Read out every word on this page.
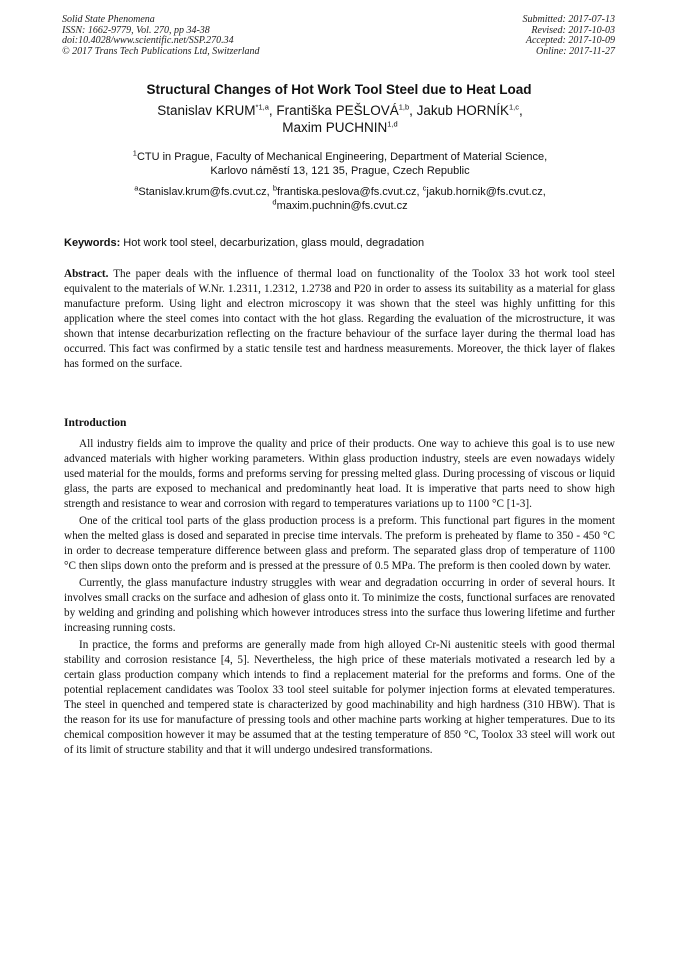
Solid State Phenomena
ISSN: 1662-9779, Vol. 270, pp 34-38
doi:10.4028/www.scientific.net/SSP.270.34
© 2017 Trans Tech Publications Ltd, Switzerland
Submitted: 2017-07-13
Revised: 2017-10-03
Accepted: 2017-10-09
Online: 2017-11-27
Structural Changes of Hot Work Tool Steel due to Heat Load
Stanislav KRUM$^{*1,a}$, Františka PEŠLOVÁ$^{1,b}$, Jakub HORNÍK$^{1,c}$,
Maxim PUCHNIN$^{1,d}$
$^1$CTU in Prague, Faculty of Mechanical Engineering, Department of Material Science,
Karlovo náměstí 13, 121 35, Prague, Czech Republic
$^a$Stanislav.krum@fs.cvut.cz, $^b$frantiska.peslova@fs.cvut.cz, $^c$jakub.hornik@fs.cvut.cz,
$^d$maxim.puchnin@fs.cvut.cz
Keywords: Hot work tool steel, decarburization, glass mould, degradation
Abstract. The paper deals with the influence of thermal load on functionality of the Toolox 33 hot work tool steel equivalent to the materials of W.Nr. 1.2311, 1.2312, 1.2738 and P20 in order to assess its suitability as a material for glass manufacture preform. Using light and electron microscopy it was shown that the steel was highly unfitting for this application where the steel comes into contact with the hot glass. Regarding the evaluation of the microstructure, it was shown that intense decarburization reflecting on the fracture behaviour of the surface layer during the thermal load has occurred. This fact was confirmed by a static tensile test and hardness measurements. Moreover, the thick layer of flakes has formed on the surface.
Introduction

All industry fields aim to improve the quality and price of their products. One way to achieve this goal is to use new advanced materials with higher working parameters. Within glass production industry, steels are even nowadays widely used material for the moulds, forms and preforms serving for pressing melted glass. During processing of viscous or liquid glass, the parts are exposed to mechanical and predominantly heat load. It is imperative that parts need to show high strength and resistance to wear and corrosion with regard to temperatures variations up to 1100 °C [1-3].

One of the critical tool parts of the glass production process is a preform. This functional part figures in the moment when the melted glass is dosed and separated in precise time intervals. The preform is preheated by flame to 350 - 450 °C in order to decrease temperature difference between glass and preform. The separated glass drop of temperature of 1100 °C then slips down onto the preform and is pressed at the pressure of 0.5 MPa. The preform is then cooled down by water.

Currently, the glass manufacture industry struggles with wear and degradation occurring in order of several hours. It involves small cracks on the surface and adhesion of glass onto it. To minimize the costs, functional surfaces are renovated by welding and grinding and polishing which however introduces stress into the surface thus lowering lifetime and further increasing running costs.

In practice, the forms and preforms are generally made from high alloyed Cr-Ni austenitic steels with good thermal stability and corrosion resistance [4, 5]. Nevertheless, the high price of these materials motivated a research led by a certain glass production company which intends to find a replacement material for the preforms and forms. One of the potential replacement candidates was Toolox 33 tool steel suitable for polymer injection forms at elevated temperatures. The steel in quenched and tempered state is characterized by good machinability and high hardness (310 HBW). That is the reason for its use for manufacture of pressing tools and other machine parts working at higher temperatures. Due to its chemical composition however it may be assumed that at the testing temperature of 850 °C, Toolox 33 steel will work out of its limit of structure stability and that it will undergo undesired transformations.
